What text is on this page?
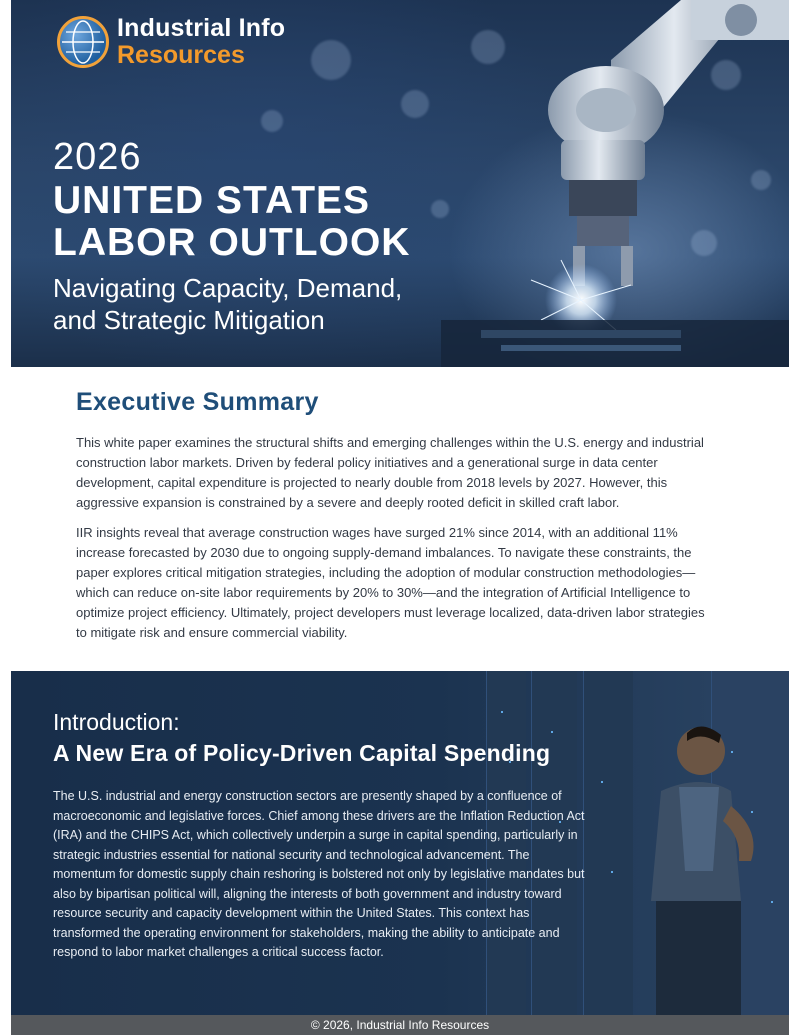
Industrial Info
Resources
2026
UNITED STATES
LABOR OUTLOOK
Navigating Capacity, Demand,
and Strategic Mitigation
Executive Summary

This white paper examines the structural shifts and emerging challenges within the U.S. energy and industrial construction labor markets. Driven by federal policy initiatives and a generational surge in data center development, capital expenditure is projected to nearly double from 2018 levels by 2027. However, this aggressive expansion is constrained by a severe and deeply rooted deficit in skilled craft labor.

IIR insights reveal that average construction wages have surged 21% since 2014, with an additional 11% increase forecasted by 2030 due to ongoing supply-demand imbalances. To navigate these constraints, the paper explores critical mitigation strategies, including the adoption of modular construction methodologies—which can reduce on-site labor requirements by 20% to 30%—and the integration of Artificial Intelligence to optimize project efficiency. Ultimately, project developers must leverage localized, data-driven labor strategies to mitigate risk and ensure commercial viability.

Introduction:
A New Era of Policy-Driven Capital Spending

The U.S. industrial and energy construction sectors are presently shaped by a confluence of macroeconomic and legislative forces. Chief among these drivers are the Inflation Reduction Act (IRA) and the CHIPS Act, which collectively underpin a surge in capital spending, particularly in strategic industries essential for national security and technological advancement. The momentum for domestic supply chain reshoring is bolstered not only by legislative mandates but also by bipartisan political will, aligning the interests of both government and industry toward resource security and capacity development within the United States. This context has transformed the operating environment for stakeholders, making the ability to anticipate and respond to labor market challenges a critical success factor.

© 2026, Industrial Info Resources
